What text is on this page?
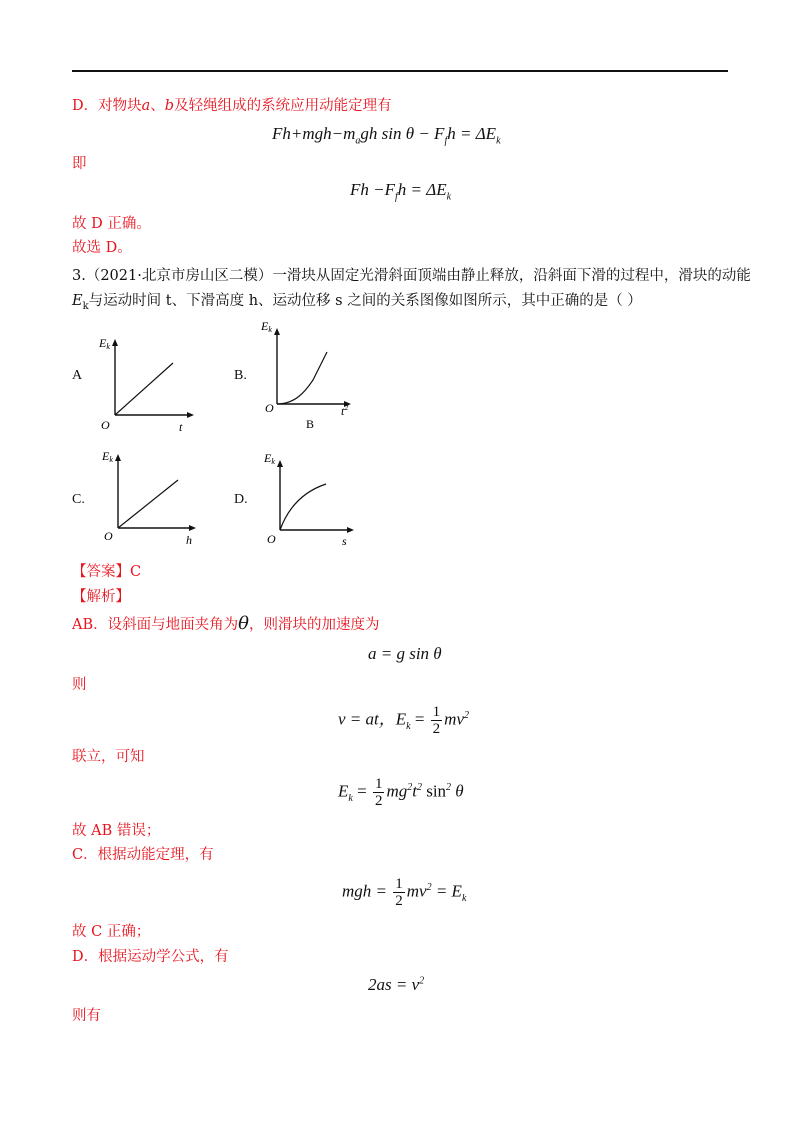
D．对物块a、b及轻绳组成的系统应用动能定理有
$Fh+mgh-m_agh$ $\sin \theta - F_fh = \Delta E_k$
即
$Fh -F_fh = \Delta E_k$
故 D 正确。
故选 D。
3.（2021·北京市房山区二模）一滑块从固定光滑斜面顶端由静止释放，沿斜面下滑的过程中，滑块的动能
$E_k$与运动时间 t、下滑高度 h、运动位移 s 之间的关系图像如图所示，其中正确的是（ ）
A
Ek
O	t
B.
Ek
O	$t^2$
B
C.
Ek
O	h
D.
Ek
O	s
【答案】C
【解析】
AB．设斜面与地面夹角为θ，则滑块的加速度为
a = g sin θ
则
v = at，$E_k = \frac{1}{2} mv^2$
联立，可知
$E_k = \frac{1}{2} mg^2t^2$ $\sin^2 \theta$
故 AB 错误；
C．根据动能定理，有
mgh = $\frac{1}{2} mv^2 = E_k$
故 C 正确；
D．根据运动学公式，有
$2as = v^2$
则有
